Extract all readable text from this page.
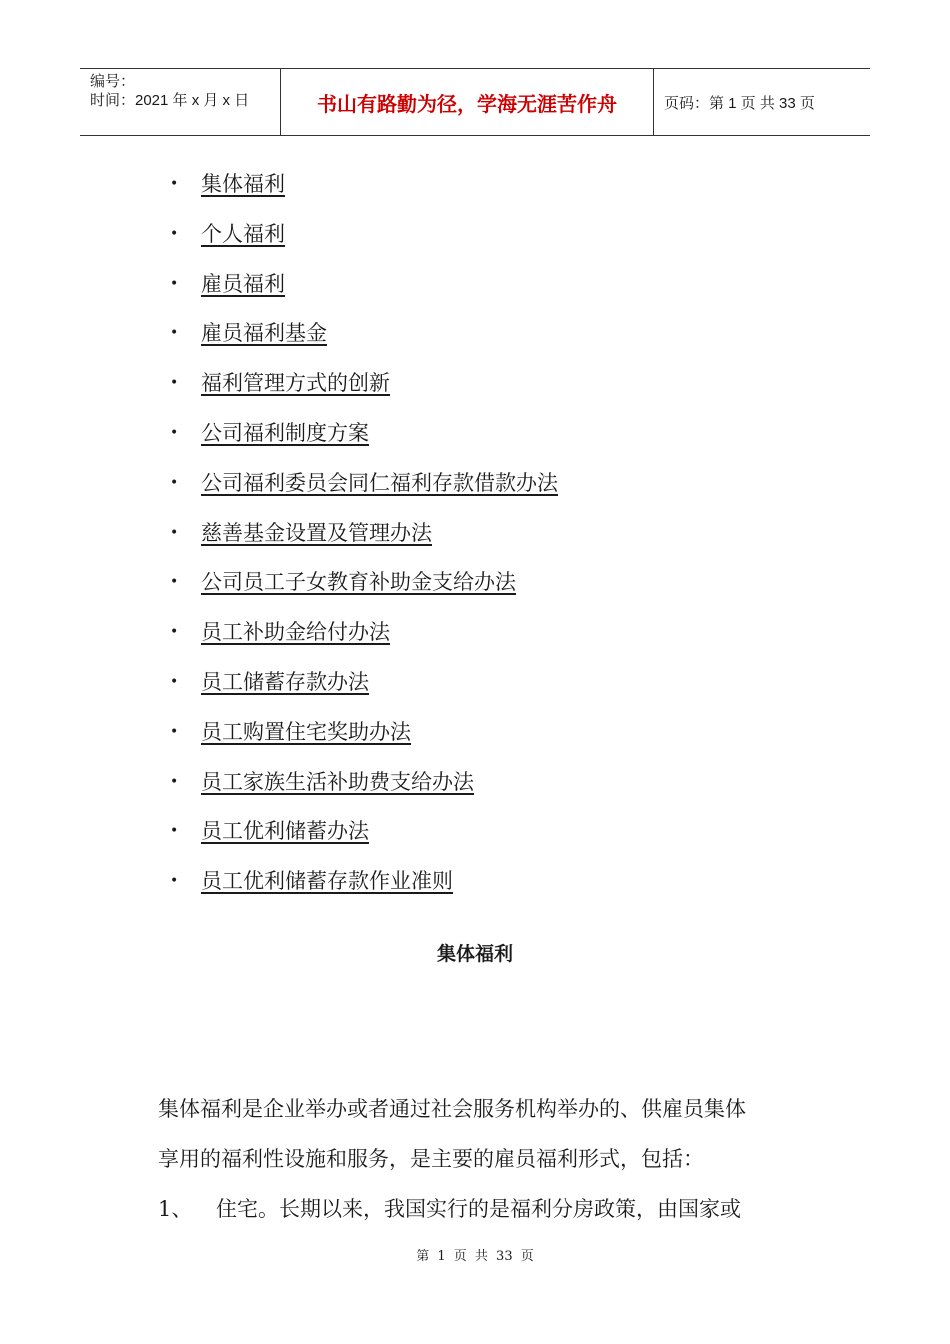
编号：
时间：2021 年 x 月 x 日	书山有路勤为径，学海无涯苦作舟	页码：第 1 页 共 33 页
•	集体福利
•	个人福利
•	雇员福利
•	雇员福利基金
•	福利管理方式的创新
•	公司福利制度方案
•	公司福利委员会同仁福利存款借款办法
•	慈善基金设置及管理办法
•	公司员工子女教育补助金支给办法
•	员工补助金给付办法
•	员工储蓄存款办法
•	员工购置住宅奖助办法
•	员工家族生活补助费支给办法
•	员工优利储蓄办法
•	员工优利储蓄存款作业准则
集体福利

集体福利是企业举办或者通过社会服务机构举办的、供雇员集体

享用的福利性设施和服务，是主要的雇员福利形式，包括：

1、 住宅。长期以来，我国实行的是福利分房政策，由国家或

第 1 页 共 33 页
